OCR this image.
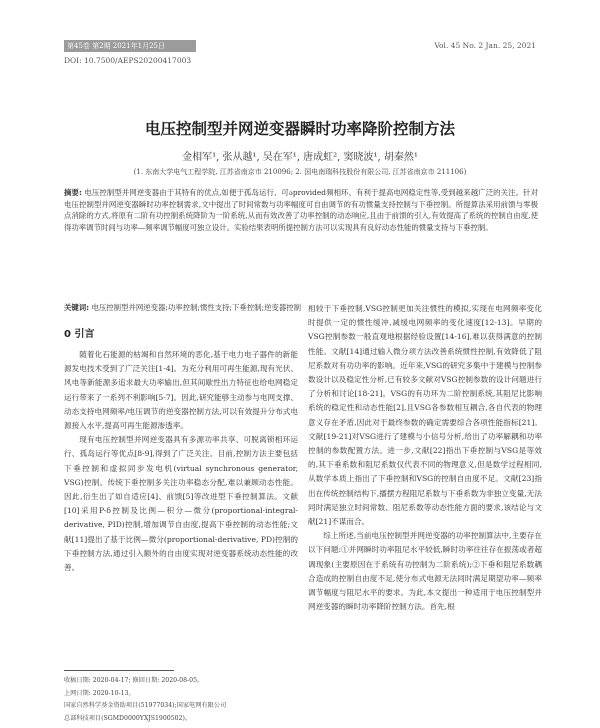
第45卷 第2期 2021年1月25日	Vol. 45 No. 2 Jan. 25, 2021
DOI: 10.7500/AEPS20200417003
电压控制型并网逆变器瞬时功率降阶控制方法
金相军¹, 张从越¹, 吴在军¹, 唐成虹², 窦晓波¹, 胡秦然¹
(1. 东南大学电气工程学院, 江苏省南京市 210096; 2. 国电南瑞科技股份有限公司, 江苏省南京市 211106)
摘要: 电压控制型并网逆变器由于其特有的优点,如便于孤岛运行、可აprovided频相环、有利于提高电网稳定性等,受到越来越广泛的关注。针对电压控制型并网逆变器瞬时功率控制需求,文中提出了时间常数与功率幅度可自由调节的有功惯量支持控制与下垂控制。所提算法采用前馈与零极点消除的方式,将原有二阶有功控制系统降阶为一阶系统,从而有效改善了功率控制的动态响应,且由于前馈的引入,有效提高了系统的控制自由度,使得功率调节时间与功率—频率调节幅度可独立设计。实验结果表明所提控制方法可以实现具有良好动态性能的惯量支持与下垂控制。
关键词: 电压控制型并网逆变器;功率控制;惯性支持;下垂控制;逆变器控制
0 引言

随着化石能源的枯竭和自然环境的恶化,基于电力电子器件的新能源发电技术受到了广泛关注[1-4]。为充分利用可再生能源,现有光伏、风电等新能源多追求最大功率输出,但其间歇性出力特征也给电网稳定运行带来了一系列不利影响[5-7]。因此,研究能够主动参与电网支撑、动态支持电网频率/电压调节的逆变器控制方法,可以有效提升分布式电源接入水平,提高可再生能源渗透率。

现有电压控制型并网逆变器具有多源功率共享、可脱离锁相环运行、孤岛运行等优点[8-9],得到了广泛关注。目前,控制方法主要包括下垂控制和虚拟同步发电机(virtual synchronous generator, VSG)控制。传统下垂控制多关注功率稳态分配,难以兼顾动态性能。因此,衍生出了如自适应[4]、前馈[5]等改进型下垂控制算法。文献[10]采用P-δ控制及比例—积分—微分(proportional-integral-derivative, PID)控制,增加调节自由度,提高下垂控制的动态性能;文献[11]提出了基于比例—微分(proportional-derivative, PD)控制的下垂控制方法,通过引入额外的自由度实现对逆变器系统动态性能的改善。

相较于下垂控制,VSG控制更加关注惯性的模拟,实现在电网频率变化时提供一定的惯性缓冲,减缓电网频率的变化速度[12-13]。早期的VSG控制参数一般直观地根据经验设置[14-16],难以获得满意的控制性能。文献[14]通过输入微分项方法改善系统惯性控制,有效降低了阻尼系数对有功功率的影响。近年来,VSG的研究多集中于建模与控制参数设计以及稳定性分析,已有较多文献对VSG控制参数的设计问题进行了分析和讨论[18-21]。VSG的有功环为二阶控制系统,其阻尼比影响系统的稳定性和动态性能[2],且VSG各参数相互耦合,各自代表的物理意义存在矛盾,因此对于最终参数的确定需要综合各项性能指标[21]。文献[19-21]对VSG进行了建模与小信号分析,给出了功率解耦和功率控制的参数配置方法。进一步,文献[22]指出下垂控制与VSG是等效的,其下垂系数和阻尼系数仅代表不同的物理意义,但是数学过程相同,从数学本质上指出了下垂控制和VSG的控制自由度不足。文献[23]指出在传统控制结构下,播摆方程阻尼系数与下垂系数为非独立变量,无法同时满足独立时间常数、阻尼系数等动态性能方面的要求,该结论与文献[21]不谋而合。

综上所述,当前电压控制型并网逆变器的功率控制算法中,主要存在以下问题:①并网瞬时功率阻尼水平较低,瞬时功率往往存在振荡或者超调现象(主要原因在于系统有功控制为二阶系统);②下垂和阻尼系数耦合造成的控制自由度不足,使分布式电源无法同时满足期望功率—频率调节幅度与阻尼水平的要求。为此,本文提出一种适用于电压控制型并网逆变器的瞬时功率降阶控制方法。首先,根

收稿日期: 2020-04-17; 修回日期: 2020-08-05。
上网日期: 2020-10-13。
国家自然科学基金资助项目(51977034);国家电网有限公司
总部科技项目(SGMD0000YXJS1900502)。
